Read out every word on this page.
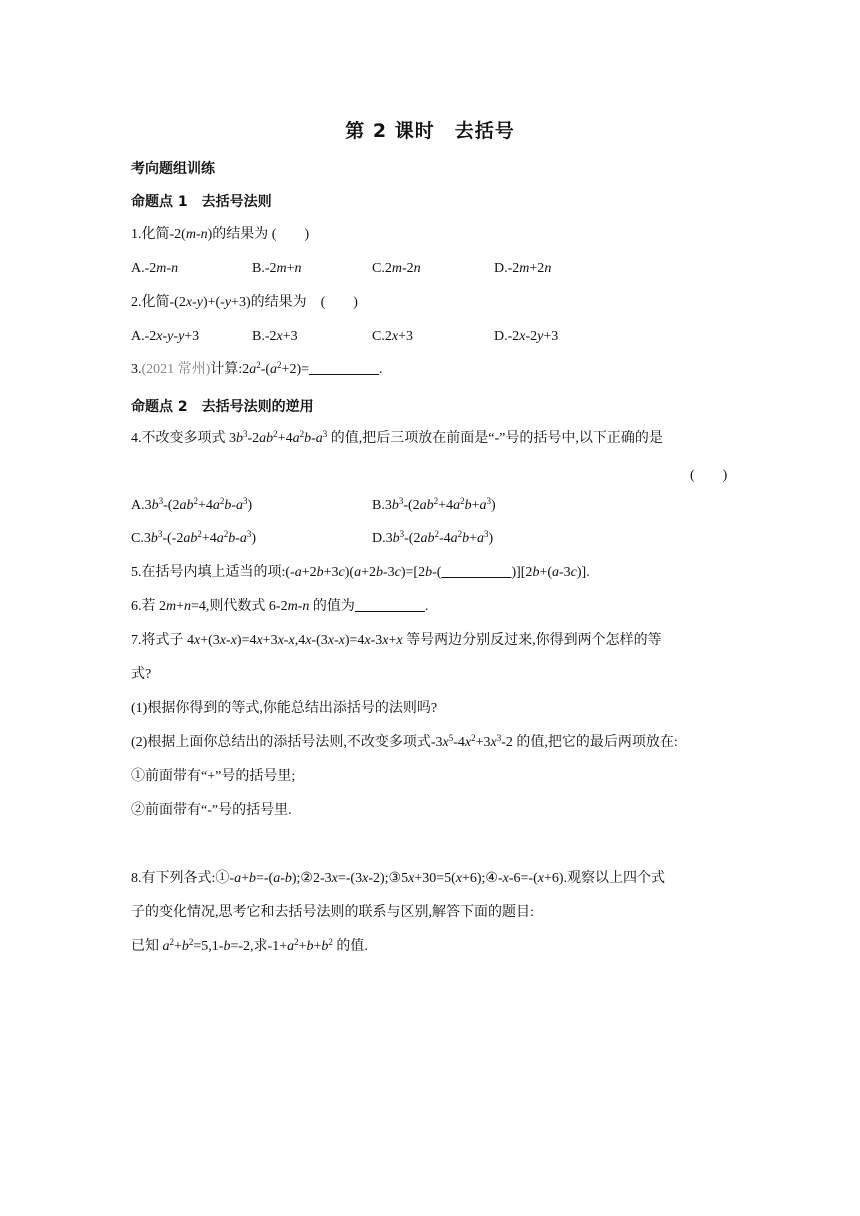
第 2 课时　去括号
考向题组训练
命题点 1　去括号法则
1.化简-2(m-n)的结果为 (　　)
A.-2m-n	B.-2m+n	C.2m-2n	D.-2m+2n
2.化简-(2x-y)+(-y+3)的结果为　(　　)
A.-2x-y-y+3	B.-2x+3	C.2x+3	D.-2x-2y+3
3.(2021 常州)计算$:2a^2-(a^2+2)=$　　　　　	.
命题点 2　去括号法则的逆用
4.不改变多项式 $3b^3-2ab^2+4a^2b-a^3$ 的值,把后三项放在前面是“-”号的括号中,以下正确的是
(　　)
$A.3b^3-(2ab^2+4a^2b-a^3)$	$B.3b^3-(2ab^2+4a^2b+a^3)$
$C.3b^3-(-2ab^2+4a^2b-a^3)$	$D.3b^3-(2ab^2-4a^2b+a^3)$
5.在括号内填上适当的项:(-a+2b+3c)(a+2b-3c)=[2b-(　　　　　	)][2b+(a-3c)].
6.若 2m+n=4,则代数式 6-2m-n 的值为　　　　　	.
7.将式子 4x+(3x-x)=4x+3x-x,4x-(3x-x)=4x-3x+x 等号两边分别反过来,你得到两个怎样的等
式?
(1)根据你得到的等式,你能总结出添括号的法则吗?
(2)根据上面你总结出的添括号法则,不改变多项式$-3x^5-4x^2+3x^3-2$ 的值,把它的最后两项放在:
①前面带有“+”号的括号里;
②前面带有“-”号的括号里.
8.有下列各式:①-a+b=-(a-b);②2-3x=-(3x-2);③5x+30=5(x+6);④-x-6=-(x+6).观察以上四个式
子的变化情况,思考它和去括号法则的联系与区别,解答下面的题目:
已知 $a^2+b^2=5,1-b=-2$,求$-1+a^2+b+b^2$ 的值.
